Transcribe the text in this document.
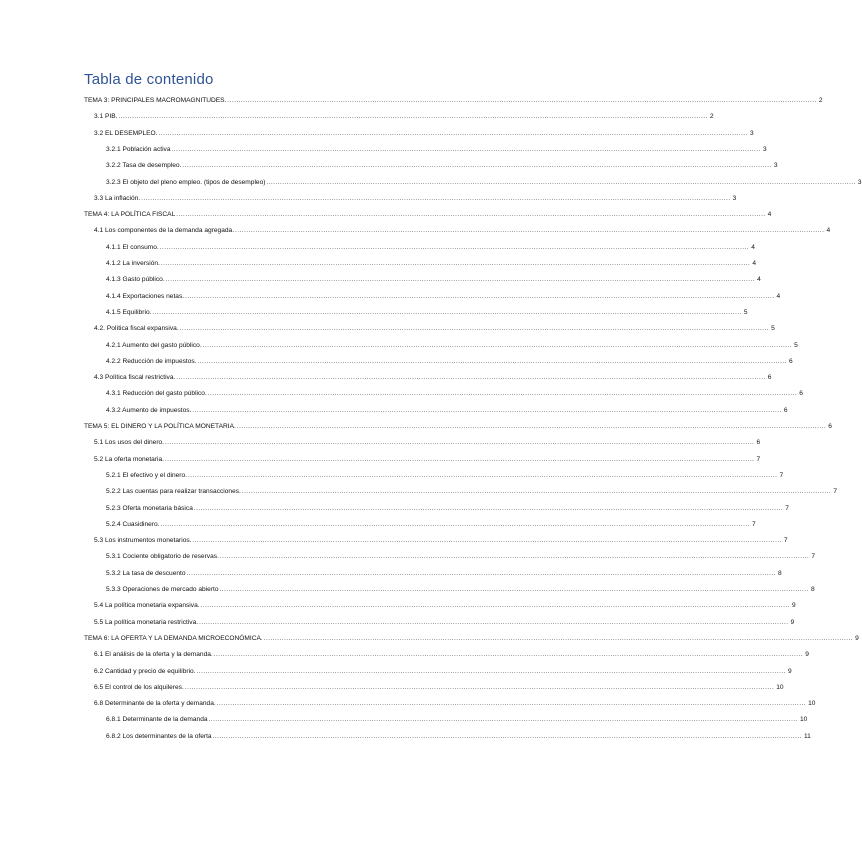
Tabla de contenido
TEMA 3: PRINCIPALES MACROMAGNITUDES. .................................................................................................................................................................................................................................................................... 2
3.1 PIB. .................................................................................................................................................................................................................................................................... 2
3.2 EL DESEMPLEO. .................................................................................................................................................................................................................................................................... 3
3.2.1 Población activa .................................................................................................................................................................................................................................................................... 3
3.2.2 Tasa de desempleo. .................................................................................................................................................................................................................................................................... 3
3.2.3 El objeto del pleno empleo. (tipos de desempleo) .................................................................................................................................................................................................................................................................... 3
3.3 La inflación. .................................................................................................................................................................................................................................................................... 3
TEMA 4: LA POLÍTICA FISCAL .................................................................................................................................................................................................................................................................... 4
4.1 Los componentes de la demanda agregada. .................................................................................................................................................................................................................................................................... 4
4.1.1 El consumo. .................................................................................................................................................................................................................................................................... 4
4.1.2 La inversión. .................................................................................................................................................................................................................................................................... 4
4.1.3 Gasto público. .................................................................................................................................................................................................................................................................... 4
4.1.4 Exportaciones netas. .................................................................................................................................................................................................................................................................... 4
4.1.5 Equilibrio. .................................................................................................................................................................................................................................................................... 5
4.2. Política fiscal expansiva. .................................................................................................................................................................................................................................................................... 5
4.2.1 Aumento del gasto público. .................................................................................................................................................................................................................................................................... 5
4.2.2 Reducción de impuestos. .................................................................................................................................................................................................................................................................... 6
4.3 Política fiscal restrictiva. .................................................................................................................................................................................................................................................................... 6
4.3.1 Reducción del gasto público. .................................................................................................................................................................................................................................................................... 6
4.3.2 Aumento de impuestos. .................................................................................................................................................................................................................................................................... 6
TEMA 5: EL DINERO Y LA POLÍTICA MONETARIA. .................................................................................................................................................................................................................................................................... 6
5.1 Los usos del dinero. .................................................................................................................................................................................................................................................................... 6
5.2 La oferta monetaria. .................................................................................................................................................................................................................................................................... 7
5.2.1 El efectivo y el dinero. .................................................................................................................................................................................................................................................................... 7
5.2.2 Las cuentas para realizar transacciones. .................................................................................................................................................................................................................................................................... 7
5.2.3 Oferta monetaria básica .................................................................................................................................................................................................................................................................... 7
5.2.4 Cuasidinero. .................................................................................................................................................................................................................................................................... 7
5.3 Los instrumentos monetarios. .................................................................................................................................................................................................................................................................... 7
5.3.1 Cociente obligatorio de reservas. .................................................................................................................................................................................................................................................................... 7
5.3.2 La tasa de descuento .................................................................................................................................................................................................................................................................... 8
5.3.3 Operaciones de mercado abierto .................................................................................................................................................................................................................................................................... 8
5.4 La política monetaria expansiva. .................................................................................................................................................................................................................................................................... 9
5.5 La política monetaria restrictiva. .................................................................................................................................................................................................................................................................... 9
TEMA 6: LA OFERTA Y LA DEMANDA MICROECONÓMICA. .................................................................................................................................................................................................................................................................... 9
6.1 El análisis de la oferta y la demanda. .................................................................................................................................................................................................................................................................... 9
6.2 Cantidad y precio de equilibrio. .................................................................................................................................................................................................................................................................... 9
6.5 El control de los alquileres. .................................................................................................................................................................................................................................................................... 10
6.8 Determinante de la oferta y demanda. .................................................................................................................................................................................................................................................................... 10
6.8.1 Determinante de la demanda .................................................................................................................................................................................................................................................................... 10
6.8.2 Los determinantes de la oferta .................................................................................................................................................................................................................................................................... 11
